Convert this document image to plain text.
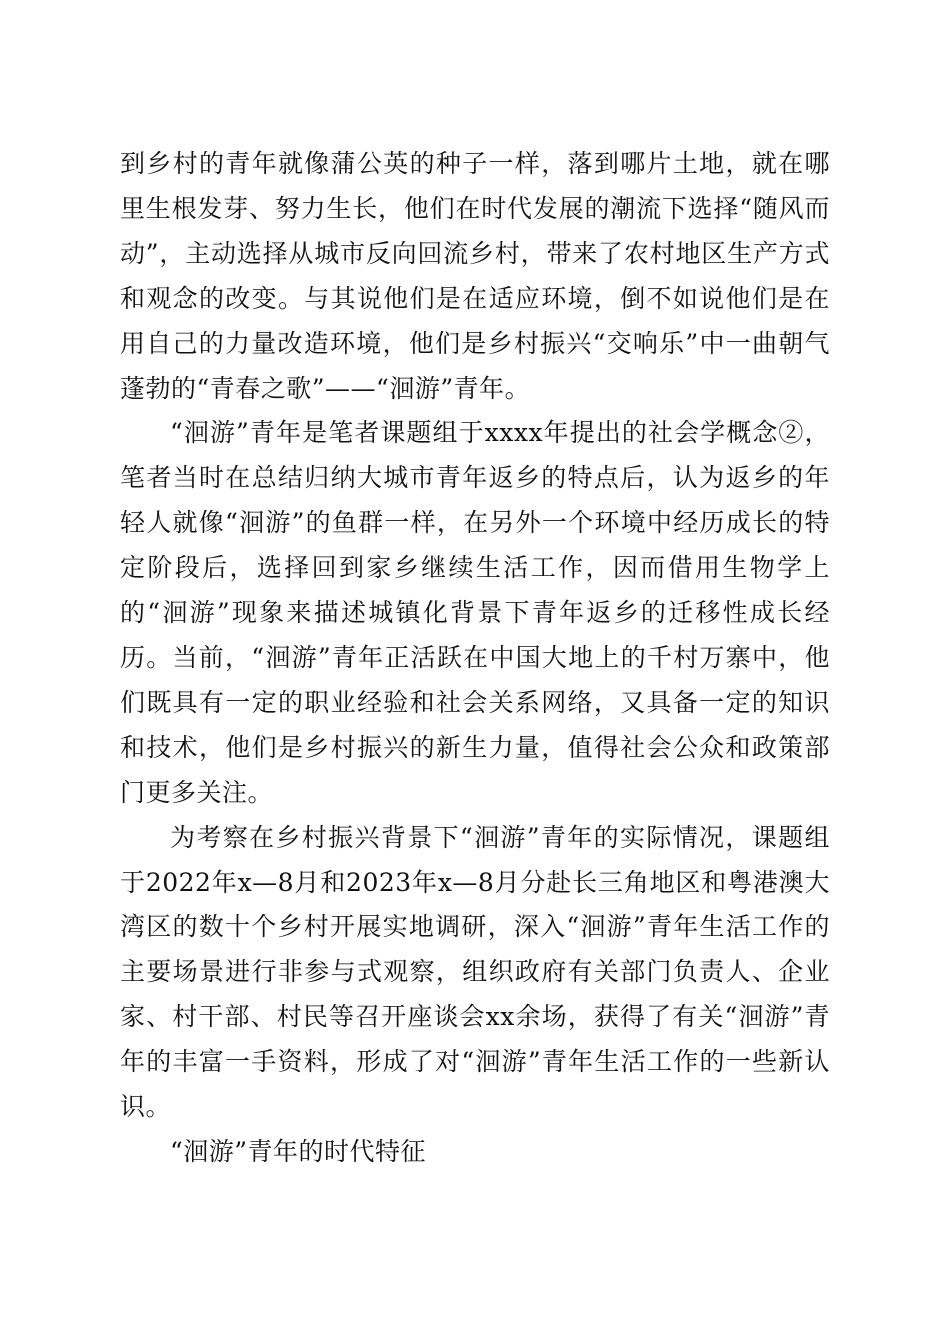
到乡村的青年就像蒲公英的种子一样，落到哪片土地，就在哪里生根发芽、努力生长，他们在时代发展的潮流下选择“随风而动”，主动选择从城市反向回流乡村，带来了农村地区生产方式和观念的改变。与其说他们是在适应环境，倒不如说他们是在用自己的力量改造环境，他们是乡村振兴“交响乐”中一曲朝气蓬勃的“青春之歌”——“洄游”青年。

“洄游”青年是笔者课题组于xxxx年提出的社会学概念②，笔者当时在总结归纳大城市青年返乡的特点后，认为返乡的年轻人就像“洄游”的鱼群一样，在另外一个环境中经历成长的特定阶段后，选择回到家乡继续生活工作，因而借用生物学上的“洄游”现象来描述城镇化背景下青年返乡的迁移性成长经历。当前，“洄游”青年正活跃在中国大地上的千村万寨中，他们既具有一定的职业经验和社会关系网络，又具备一定的知识和技术，他们是乡村振兴的新生力量，值得社会公众和政策部门更多关注。

为考察在乡村振兴背景下“洄游”青年的实际情况，课题组于2022年x—8月和2023年x—8月分赴长三角地区和粤港澳大湾区的数十个乡村开展实地调研，深入“洄游”青年生活工作的主要场景进行非参与式观察，组织政府有关部门负责人、企业家、村干部、村民等召开座谈会xx余场，获得了有关“洄游”青年的丰富一手资料，形成了对“洄游”青年生活工作的一些新认识。

“洄游”青年的时代特征
